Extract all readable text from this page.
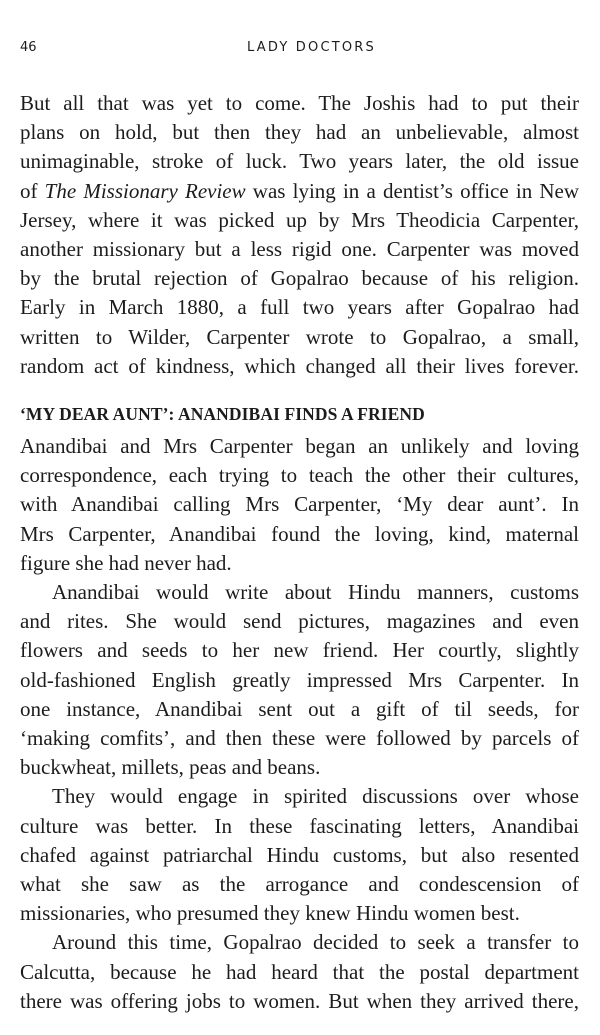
46	LADY DOCTORS
But all that was yet to come. The Joshis had to put their
plans on hold, but then they had an unbelievable, almost
unimaginable, stroke of luck. Two years later, the old issue
of The Missionary Review was lying in a dentist’s office in New
Jersey, where it was picked up by Mrs Theodicia Carpenter,
another missionary but a less rigid one. Carpenter was moved
by the brutal rejection of Gopalrao because of his religion.
Early in March 1880, a full two years after Gopalrao had
written to Wilder, Carpenter wrote to Gopalrao, a small,
random act of kindness, which changed all their lives forever.
‘MY DEAR AUNT’: ANANDIBAI FINDS A FRIEND
Anandibai and Mrs Carpenter began an unlikely and loving
correspondence, each trying to teach the other their cultures,
with Anandibai calling Mrs Carpenter, ‘My dear aunt’. In
Mrs Carpenter, Anandibai found the loving, kind, maternal
figure she had never had.
Anandibai would write about Hindu manners, customs
and rites. She would send pictures, magazines and even
flowers and seeds to her new friend. Her courtly, slightly
old-fashioned English greatly impressed Mrs Carpenter. In
one instance, Anandibai sent out a gift of til seeds, for
‘making comfits’, and then these were followed by parcels of
buckwheat, millets, peas and beans.
They would engage in spirited discussions over whose
culture was better. In these fascinating letters, Anandibai
chafed against patriarchal Hindu customs, but also resented
what she saw as the arrogance and condescension of
missionaries, who presumed they knew Hindu women best.
Around this time, Gopalrao decided to seek a transfer to
Calcutta, because he had heard that the postal department
there was offering jobs to women. But when they arrived there,
